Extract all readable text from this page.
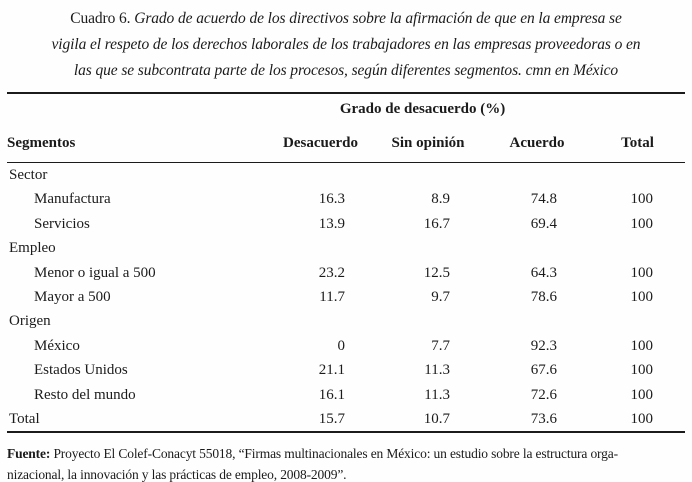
Cuadro 6. Grado de acuerdo de los directivos sobre la afirmación de que en la empresa se
vigila el respeto de los derechos laborales de los trabajadores en las empresas proveedoras o en
las que se subcontrata parte de los procesos, según diferentes segmentos. cmn en México
	Grado de desacuerdo (%)			
Segmentos	Desacuerdo	Sin opinión	Acuerdo	Total
Sector				
Manufactura	16.3	8.9	74.8	100
Servicios	13.9	16.7	69.4	100
Empleo				
Menor o igual a 500	23.2	12.5	64.3	100
Mayor a 500	11.7	9.7	78.6	100
Origen				
México	0	7.7	92.3	100
Estados Unidos	21.1	11.3	67.6	100
Resto del mundo	16.1	11.3	72.6	100
Total	15.7	10.7	73.6	100
Fuente: Proyecto El Colef-Conacyt 55018, “Firmas multinacionales en México: un estudio sobre la estructura orga-
nizacional, la innovación y las prácticas de empleo, 2008-2009”.
